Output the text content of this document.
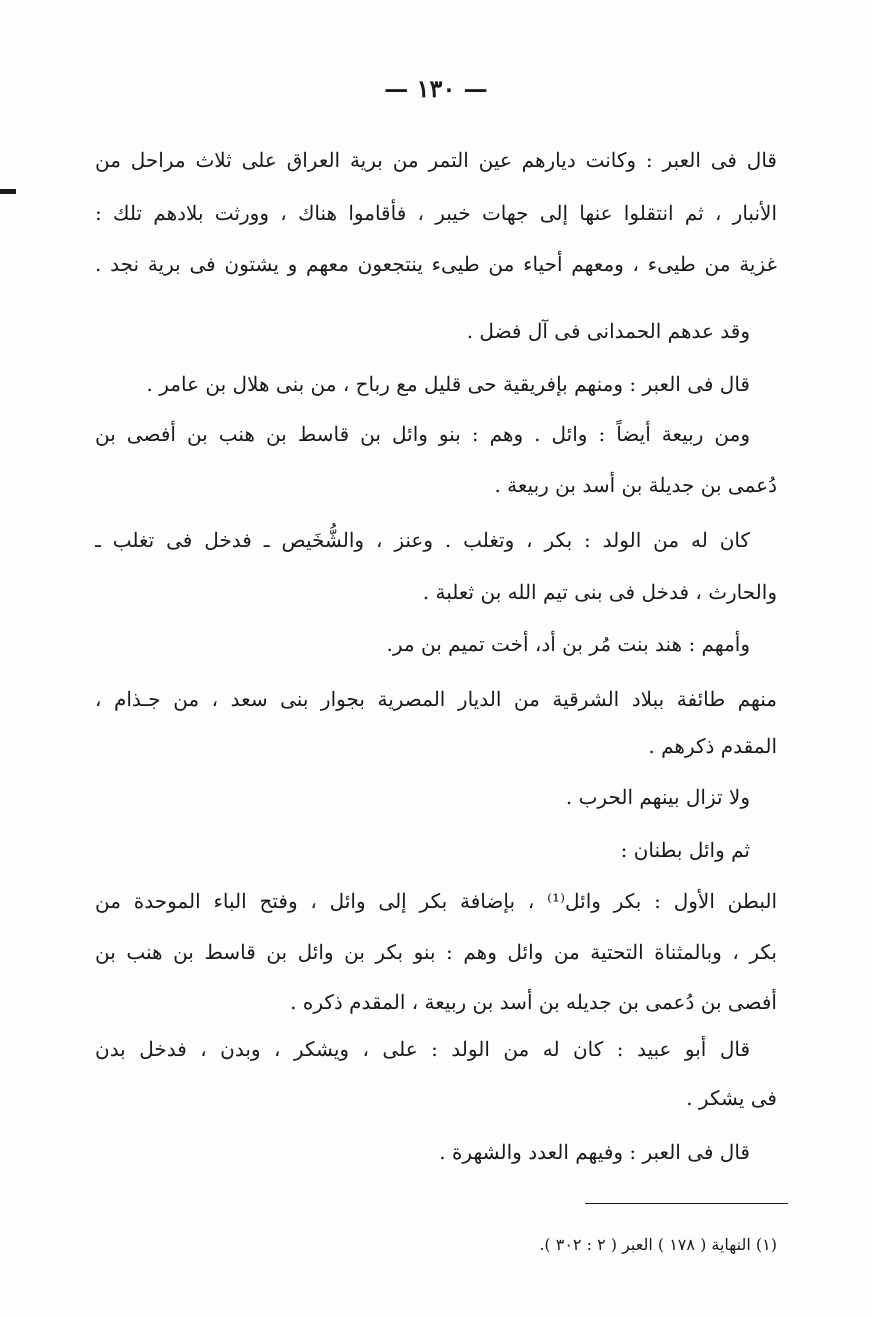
— ١٣٠ —
قال فى العبر : وكانت ديارهم عين التمر من برية العراق على ثلاث مراحل من
الأنبار ، ثم انتقلوا عنها إلى جهات خيبر ، فأقاموا هناك ، وورثت بلادهم تلك :
غزية من طيىء ، ومعهم أحياء من طيىء ينتجعون معهم و يشتون فى برية نجد .
وقد عدهم الحمدانى فى آل فضل .
قال فى العبر : ومنهم بإفريقية حى قليل مع رباح ، من بنى هلال بن عامر .
ومن ربيعة أيضاً : وائل . وهم : بنو وائل بن قاسط بن هنب بن أفصى بن
دُعمى بن جديلة بن أسد بن ربيعة .
كان له من الولد : بكر ، وتغلب . وعنز ، والشُّخَيص ـ فدخل فى تغلب ـ
والحارث ، فدخل فى بنى تيم الله بن ثعلبة .
وأمهم : هند بنت مُر بن أد، أخت تميم بن مر.
منهم طائفة ببلاد الشرقية من الديار المصرية بجوار بنى سعد ، من جـذام ،
المقدم ذكرهم .
ولا تزال بينهم الحرب .
ثم وائل بطنان :
البطن الأول : بكر وائل⁽¹⁾ ، بإضافة بكر إلى وائل ، وفتح الباء الموحدة من
بكر ، وبالمثناة التحتية من وائل وهم : بنو بكر بن وائل بن قاسط بن هنب بن
أفصى بن دُعمى بن جديله بن أسد بن ربيعة ، المقدم ذكره .
قال أبو عبيد : كان له من الولد : على ، ويشكر ، وبدن ، فدخل بدن
فى يشكر .
قال فى العبر : وفيهم العدد والشهرة .
(١) النهاية ( ١٧٨ ) العبر ( ٢ : ٣٠٢ ).
